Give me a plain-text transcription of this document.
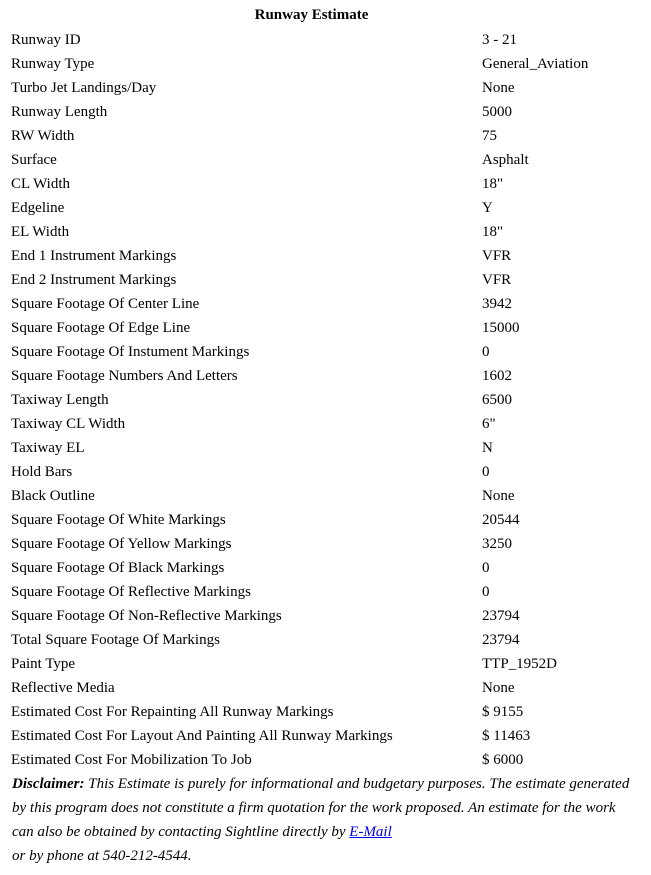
Runway Estimate
Runway ID	3 - 21
Runway Type	General_Aviation
Turbo Jet Landings/Day	None
Runway Length	5000
RW Width	75
Surface	Asphalt
CL Width	18"
Edgeline	Y
EL Width	18"
End 1 Instrument Markings	VFR
End 2 Instrument Markings	VFR
Square Footage Of Center Line	3942
Square Footage Of Edge Line	15000
Square Footage Of Instument Markings	0
Square Footage Numbers And Letters	1602
Taxiway Length	6500
Taxiway CL Width	6"
Taxiway EL	N
Hold Bars	0
Black Outline	None
Square Footage Of White Markings	20544
Square Footage Of Yellow Markings	3250
Square Footage Of Black Markings	0
Square Footage Of Reflective Markings	0
Square Footage Of Non-Reflective Markings	23794
Total Square Footage Of Markings	23794
Paint Type	TTP_1952D
Reflective Media	None
Estimated Cost For Repainting All Runway Markings	$ 9155
Estimated Cost For Layout And Painting All Runway Markings	$ 11463
Estimated Cost For Mobilization To Job	$ 6000
Disclaimer: This Estimate is purely for informational and budgetary purposes. The estimate generated by this program does not constitute a firm quotation for the work proposed. An estimate for the work can also be obtained by contacting Sightline directly by E-Mail
or by phone at 540-212-4544.
